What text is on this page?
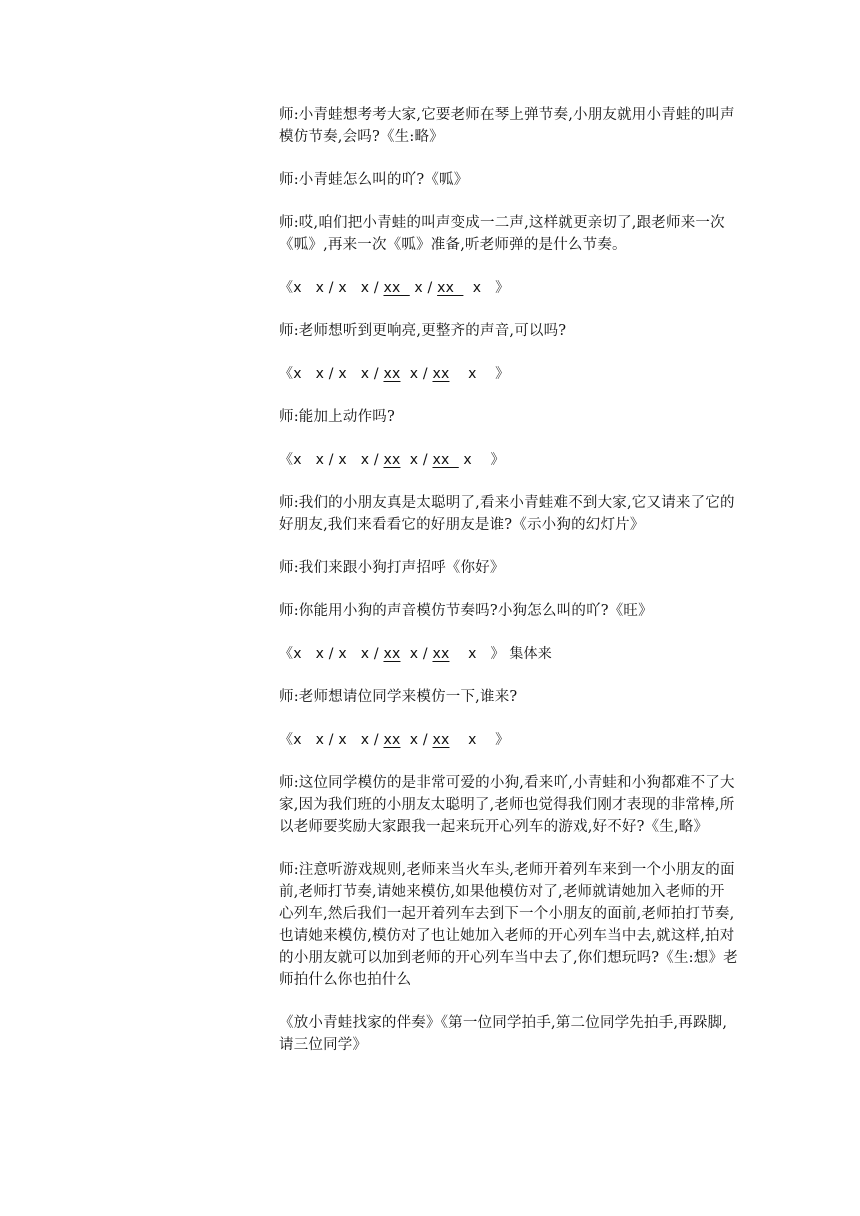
师:小青蛙想考考大家,它要老师在琴上弹节奏,小朋友就用小青蛙的叫声模仿节奏,会吗?《生:略》

师:小青蛙怎么叫的吖?《呱》

师:哎,咱们把小青蛙的叫声变成一二声,这样就更亲切了,跟老师来一次《呱》,再来一次《呱》准备,听老师弹的是什么节奏。

《x   x / x   x / xx   x / xx    x   》

师:老师想听到更响亮,更整齐的声音,可以吗?

《x   x / x   x / xx  x / xx    x    》

师:能加上动作吗?

《x   x / x   x / xx  x / xx   x    》

师:我们的小朋友真是太聪明了,看来小青蛙难不到大家,它又请来了它的好朋友,我们来看看它的好朋友是谁?《示小狗的幻灯片》

师:我们来跟小狗打声招呼《你好》

师:你能用小狗的声音模仿节奏吗?小狗怎么叫的吖?《旺》

《x   x / x   x / xx  x / xx    x   》 集体来

师:老师想请位同学来模仿一下,谁来?

《x   x / x   x / xx  x / xx    x    》

师:这位同学模仿的是非常可爱的小狗,看来吖,小青蛙和小狗都难不了大家,因为我们班的小朋友太聪明了,老师也觉得我们刚才表现的非常棒,所以老师要奖励大家跟我一起来玩开心列车的游戏,好不好?《生,略》

师:注意听游戏规则,老师来当火车头,老师开着列车来到一个小朋友的面前,老师打节奏,请她来模仿,如果他模仿对了,老师就请她加入老师的开心列车,然后我们一起开着列车去到下一个小朋友的面前,老师拍打节奏,也请她来模仿,模仿对了也让她加入老师的开心列车当中去,就这样,拍对的小朋友就可以加到老师的开心列车当中去了,你们想玩吗?《生:想》老师拍什么你也拍什么

《放小青蛙找家的伴奏》《第一位同学拍手,第二位同学先拍手,再跺脚,请三位同学》
